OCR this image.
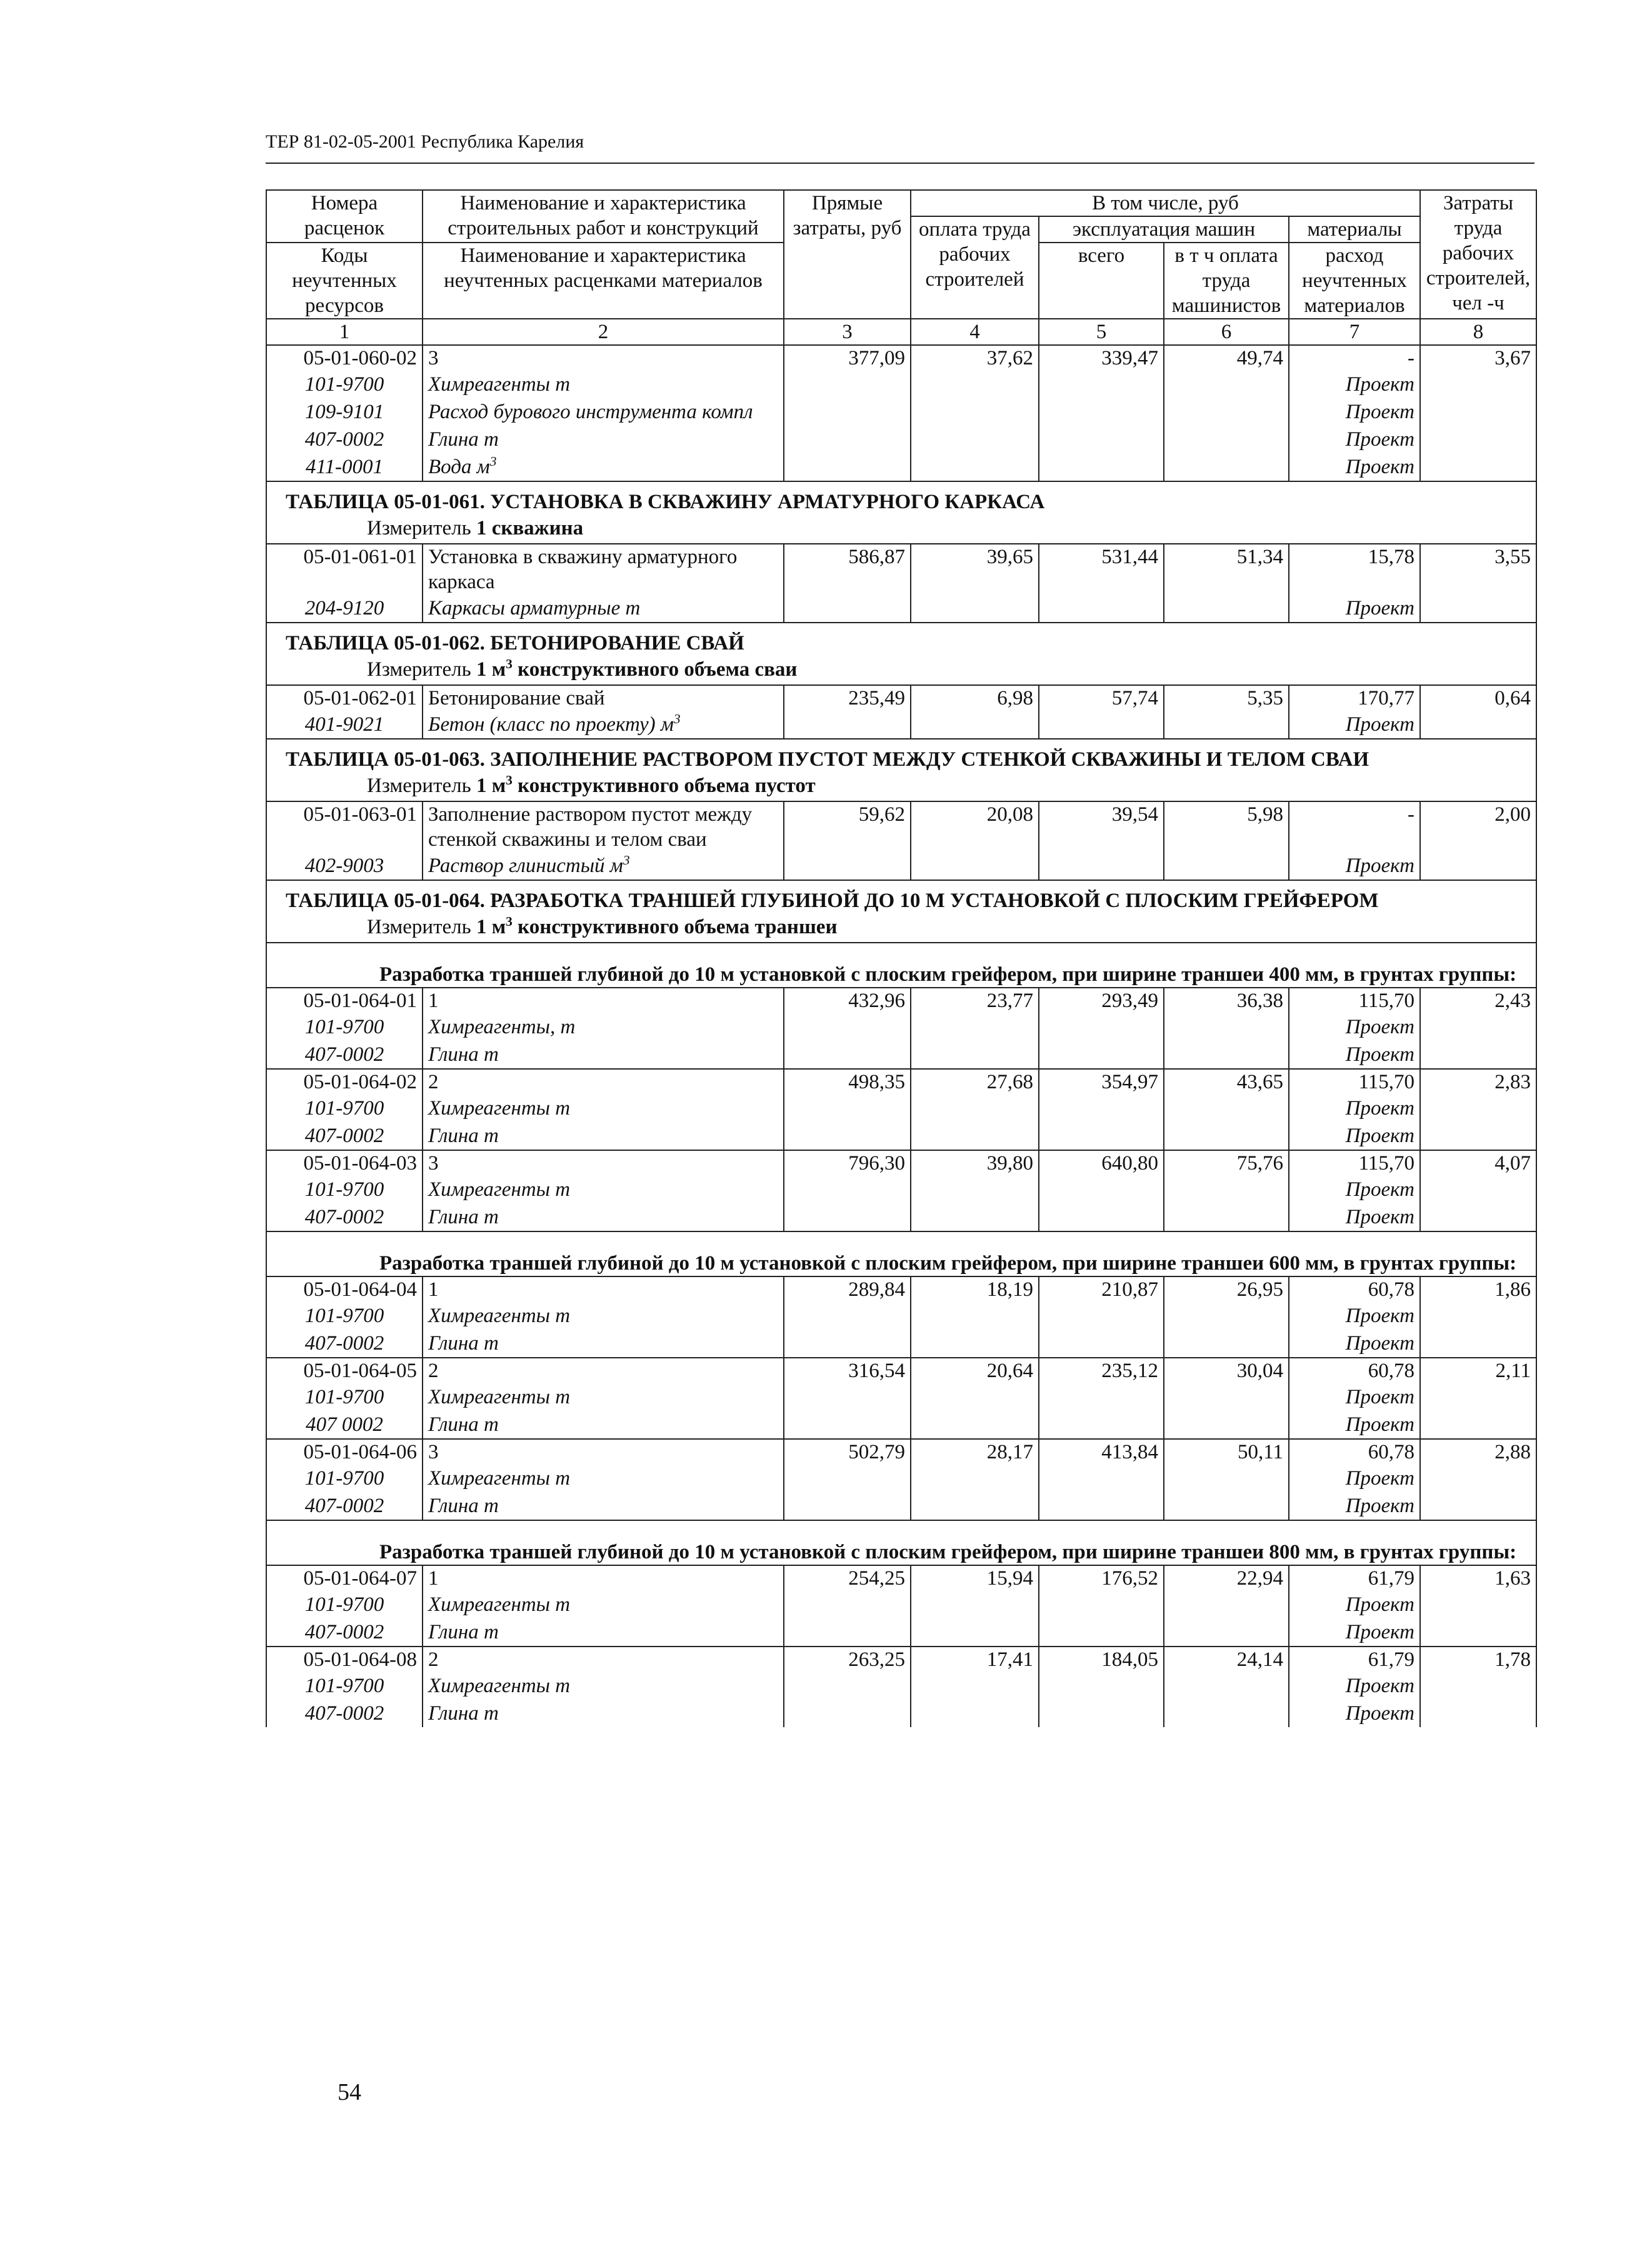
ТЕР 81-02-05-2001 Республика Карелия
Номера расценок	Наименование и характеристика строительных работ и конструкций	Прямые затраты, руб	В том числе, руб				Затраты труда рабочих строителей, чел -ч
			оплата труда рабочих строителей	эксплуатация машин		материалы	
Коды неучтенных ресурсов	Наименование и характеристика неучтенных расценками материалов			всего	в т ч оплата труда машинистов	расход неучтенных материалов	

1	2	3	4	5	6	7	8
05-01-060-02	3	377,09	37,62	339,47	49,74	-	3,67
101-9700	Химреагенты т					Проект	
109-9101	Расход бурового инструмента компл					Проект	
407-0002	Глина т					Проект	
411-0001	Вода $м^3$					Проект	
ТАБЛИЦА 05-01-061. УСТАНОВКА В СКВАЖИНУ АРМАТУРНОГО КАРКАСА							
Измеритель 1 скважина							
05-01-061-01	Установка в скважину арматурного каркаса	586,87	39,65	531,44	51,34	15,78	3,55
204-9120	Каркасы арматурные т					Проект	
ТАБЛИЦА 05-01-062. БЕТОНИРОВАНИЕ СВАЙ							
Измеритель 1 $м^3$ конструктивного объема сваи							
05-01-062-01	Бетонирование свай	235,49	6,98	57,74	5,35	170,77	0,64
401-9021	Бетон (класс по проекту) $м^3$					Проект	
ТАБЛИЦА 05-01-063. ЗАПОЛНЕНИЕ РАСТВОРОМ ПУСТОТ МЕЖДУ СТЕНКОЙ СКВАЖИНЫ И ТЕЛОМ СВАИ							
Измеритель 1 $м^3$ конструктивного объема пустот							
05-01-063-01	Заполнение раствором пустот между стенкой скважины и телом сваи	59,62	20,08	39,54	5,98	-	2,00
402-9003	Раствор глинистый $м^3$					Проект	
ТАБЛИЦА 05-01-064. РАЗРАБОТКА ТРАНШЕЙ ГЛУБИНОЙ ДО 10 М УСТАНОВКОЙ С ПЛОСКИМ ГРЕЙФЕРОМ							
Измеритель 1 $м^3$ конструктивного объема траншеи							
Разработка траншей глубиной до 10 м установкой с плоским грейфером, при ширине траншеи 400 мм, в грунтах группы:							
05-01-064-01	1	432,96	23,77	293,49	36,38	115,70	2,43
101-9700	Химреагенты, т					Проект	
407-0002	Глина т					Проект	
05-01-064-02	2	498,35	27,68	354,97	43,65	115,70	2,83
101-9700	Химреагенты т					Проект	
407-0002	Глина т					Проект	
05-01-064-03	3	796,30	39,80	640,80	75,76	115,70	4,07
101-9700	Химреагенты т					Проект	
407-0002	Глина т					Проект	
Разработка траншей глубиной до 10 м установкой с плоским грейфером, при ширине траншеи 600 мм, в грунтах группы:							
05-01-064-04	1	289,84	18,19	210,87	26,95	60,78	1,86
101-9700	Химреагенты т					Проект	
407-0002	Глина т					Проект	
05-01-064-05	2	316,54	20,64	235,12	30,04	60,78	2,11
101-9700	Химреагенты т					Проект	
407 0002	Глина т					Проект	
05-01-064-06	3	502,79	28,17	413,84	50,11	60,78	2,88
101-9700	Химреагенты т					Проект	
407-0002	Глина т					Проект	
Разработка траншей глубиной до 10 м установкой с плоским грейфером, при ширине траншеи 800 мм, в грунтах группы:							
05-01-064-07	1	254,25	15,94	176,52	22,94	61,79	1,63
101-9700	Химреагенты т					Проект	
407-0002	Глина т					Проект	
05-01-064-08	2	263,25	17,41	184,05	24,14	61,79	1,78
101-9700	Химреагенты т					Проект	
407-0002	Глина т					Проект	
54
